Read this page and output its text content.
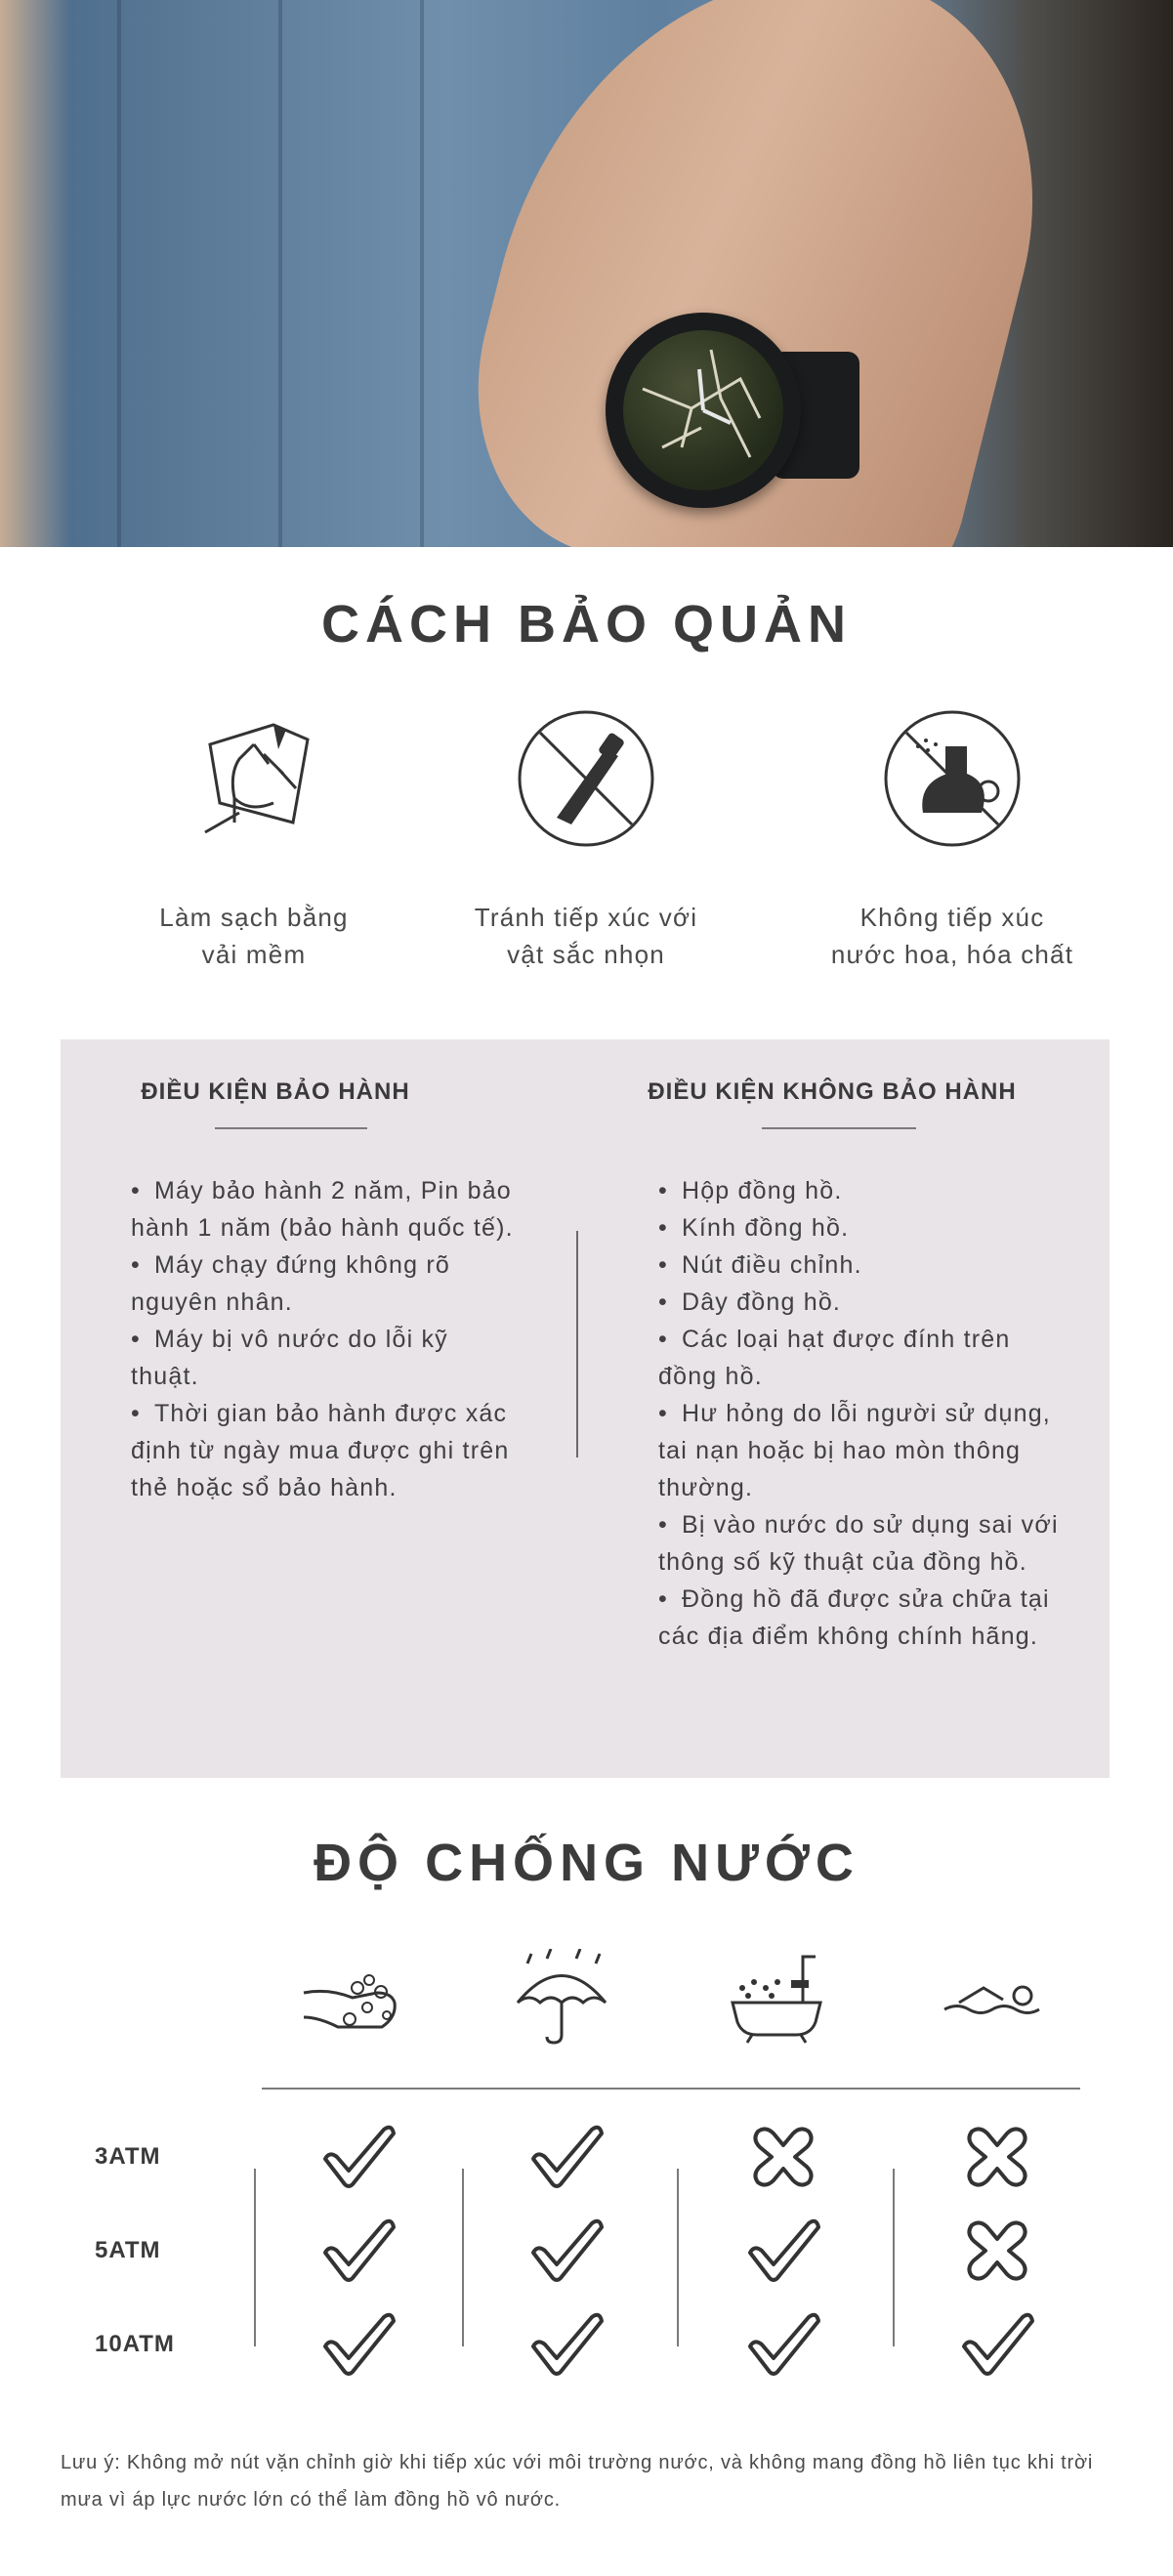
CÁCH BẢO QUẢN
Làm sạch bằng
vải mềm
Tránh tiếp xúc với
vật sắc nhọn
Không tiếp xúc
nước hoa, hóa chất
ĐIỀU KIỆN BẢO HÀNH
• Máy bảo hành 2 năm, Pin bảo hành 1 năm (bảo hành quốc tế).
• Máy chạy đứng không rõ nguyên nhân.
• Máy bị vô nước do lỗi kỹ thuật.
• Thời gian bảo hành được xác định từ ngày mua được ghi trên thẻ hoặc sổ bảo hành.
ĐIỀU KIỆN KHÔNG BẢO HÀNH
• Hộp đồng hồ.
• Kính đồng hồ.
• Nút điều chỉnh.
• Dây đồng hồ.
• Các loại hạt được đính trên đồng hồ.
• Hư hỏng do lỗi người sử dụng, tai nạn hoặc bị hao mòn thông thường.
• Bị vào nước do sử dụng sai với thông số kỹ thuật của đồng hồ.
• Đồng hồ đã được sửa chữa tại các địa điểm không chính hãng.
ĐỘ CHỐNG NƯỚC
3ATM
5ATM
10ATM
Lưu ý: Không mở nút vặn chỉnh giờ khi tiếp xúc với môi trường nước, và không mang đồng hồ liên tục khi trời mưa vì áp lực nước lớn có thể làm đồng hồ vô nước.
